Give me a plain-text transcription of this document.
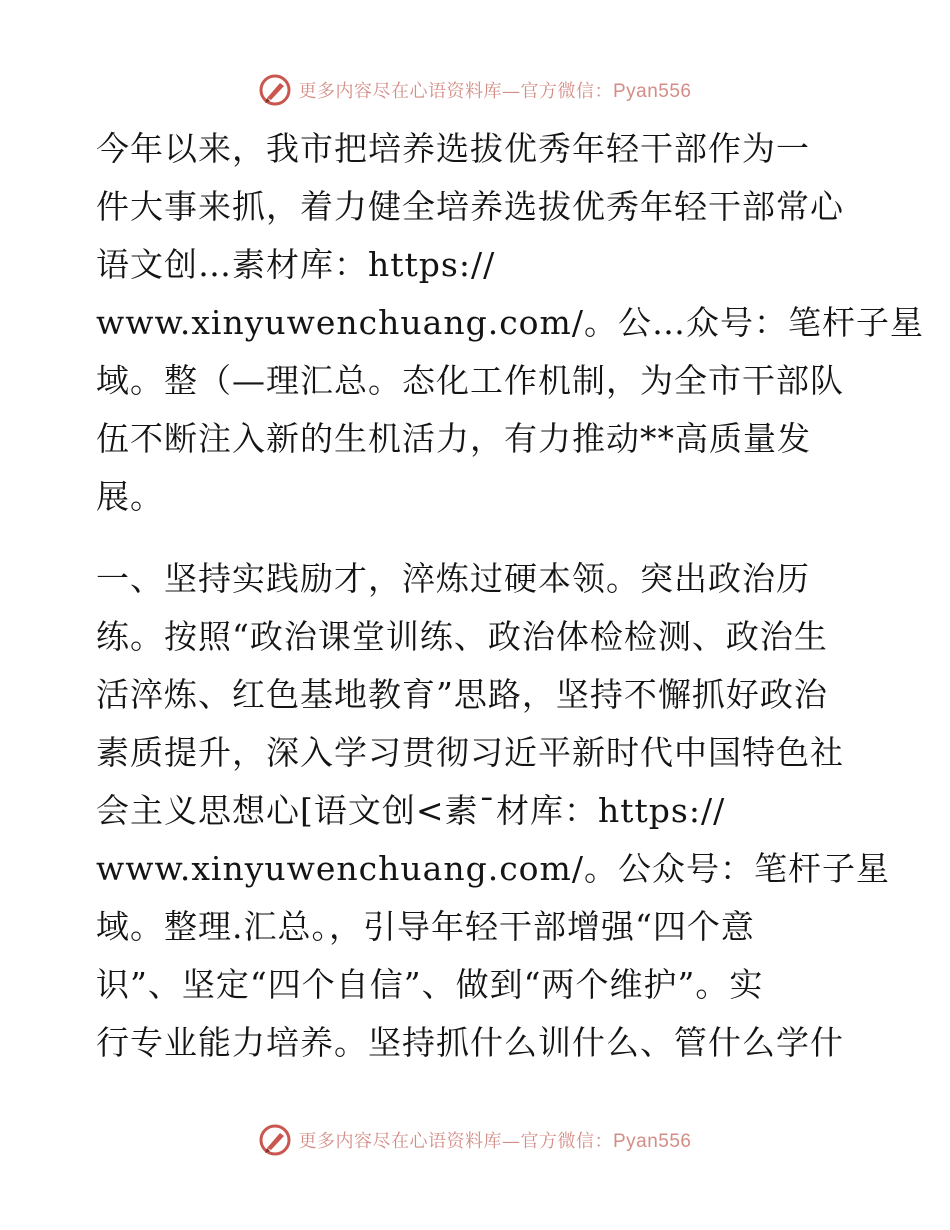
更多内容尽在心语资料库—官方微信：Pyan556
今年以来，我市把培养选拔优秀年轻干部作为一
件大事来抓，着力健全培养选拔优秀年轻干部常心
语文创…素材库：https://
www.xinyuwenchuang.com/。公…众号：笔杆子星
域。整（—理汇总。态化工作机制，为全市干部队
伍不断注入新的生机活力，有力推动**高质量发
展。
一、坚持实践励才，淬炼过硬本领。突出政治历
练。按照“政治课堂训练、政治体检检测、政治生
活淬炼、红色基地教育”思路，坚持不懈抓好政治
素质提升，深入学习贯彻习近平新时代中国特色社
会主义思想心[语文创<素¯材库：https://
www.xinyuwenchuang.com/。公众号：笔杆子星
域。整理.汇总。，引导年轻干部增强“四个意
识”、坚定“四个自信”、做到“两个维护”。实
行专业能力培养。坚持抓什么训什么、管什么学什
更多内容尽在心语资料库—官方微信：Pyan556
